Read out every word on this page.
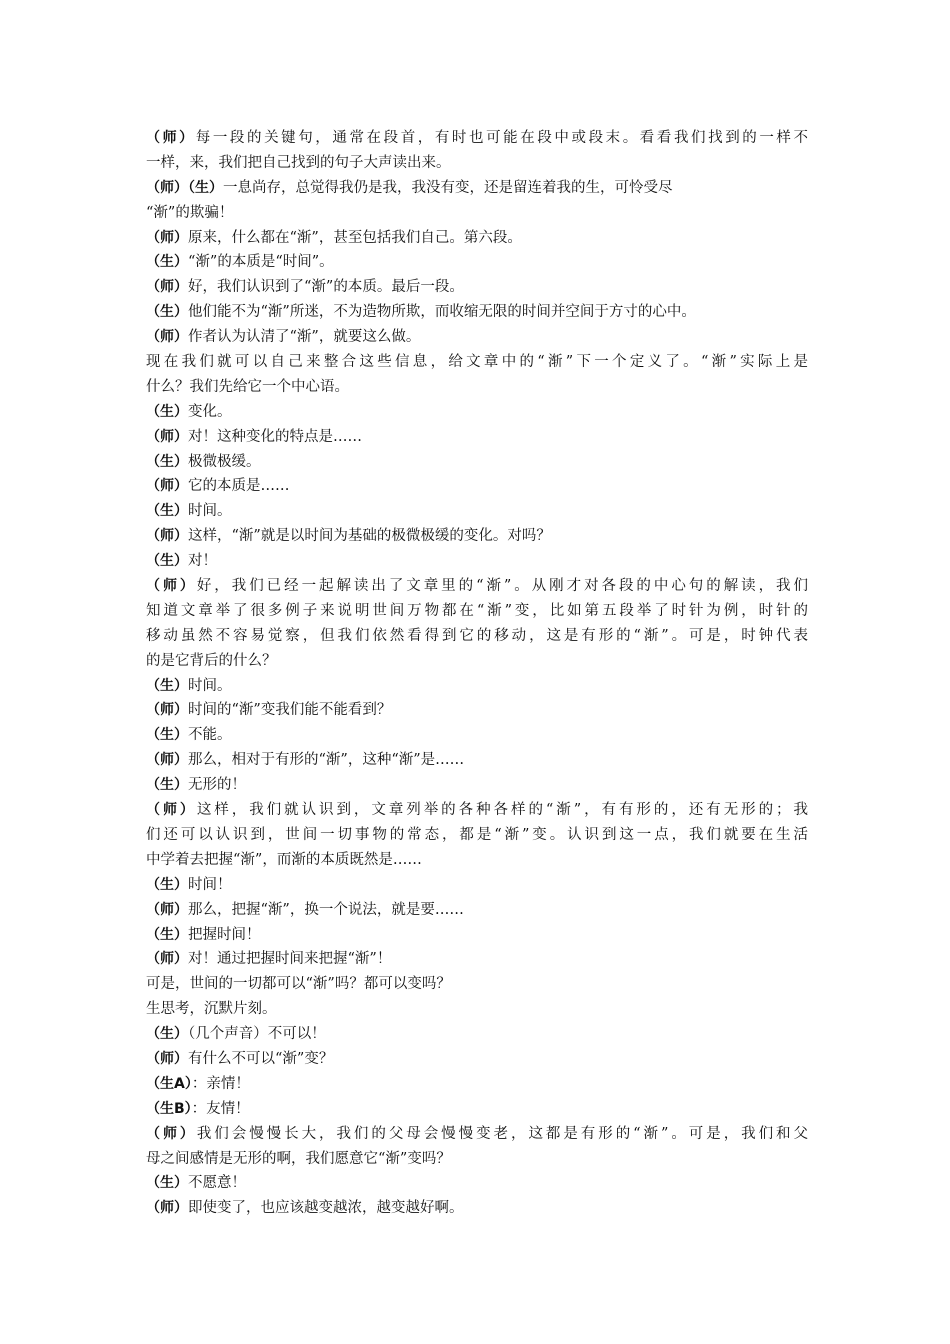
（师）每一段的关键句，通常在段首，有时也可能在段中或段末。看看我们找到的一样不
一样，来，我们把自己找到的句子大声读出来。
（师）（生）一息尚存，总觉得我仍是我，我没有变，还是留连着我的生，可怜受尽
“渐”的欺骗！
（师）原来，什么都在“渐”，甚至包括我们自己。第六段。
（生）“渐”的本质是“时间”。
（师）好，我们认识到了“渐”的本质。最后一段。
（生）他们能不为“渐”所迷，不为造物所欺，而收缩无限的时间并空间于方寸的心中。
（师）作者认为认清了“渐”，就要这么做。
现在我们就可以自己来整合这些信息，给文章中的“渐”下一个定义了。“渐”实际上是
什么？我们先给它一个中心语。
（生）变化。
（师）对！这种变化的特点是……
（生）极微极缓。
（师）它的本质是……
（生）时间。
（师）这样，“渐”就是以时间为基础的极微极缓的变化。对吗？
（生）对！
（师）好，我们已经一起解读出了文章里的“渐”。从刚才对各段的中心句的解读，我们
知道文章举了很多例子来说明世间万物都在“渐”变，比如第五段举了时针为例，时针的
移动虽然不容易觉察，但我们依然看得到它的移动，这是有形的“渐”。可是，时钟代表
的是它背后的什么？
（生）时间。
（师）时间的“渐”变我们能不能看到？
（生）不能。
（师）那么，相对于有形的“渐”，这种“渐”是……
（生）无形的！
（师）这样，我们就认识到，文章列举的各种各样的“渐”，有有形的，还有无形的；我
们还可以认识到，世间一切事物的常态，都是“渐”变。认识到这一点，我们就要在生活
中学着去把握“渐”，而渐的本质既然是……
（生）时间！
（师）那么，把握“渐”，换一个说法，就是要……
（生）把握时间！
（师）对！通过把握时间来把握“渐”！
可是，世间的一切都可以“渐”吗？都可以变吗？
生思考，沉默片刻。
（生）（几个声音）不可以！
（师）有什么不可以“渐”变？
（生A）：亲情！
（生B）：友情！
（师）我们会慢慢长大，我们的父母会慢慢变老，这都是有形的“渐”。可是，我们和父
母之间感情是无形的啊，我们愿意它“渐”变吗？
（生）不愿意！
（师）即使变了，也应该越变越浓，越变越好啊。
